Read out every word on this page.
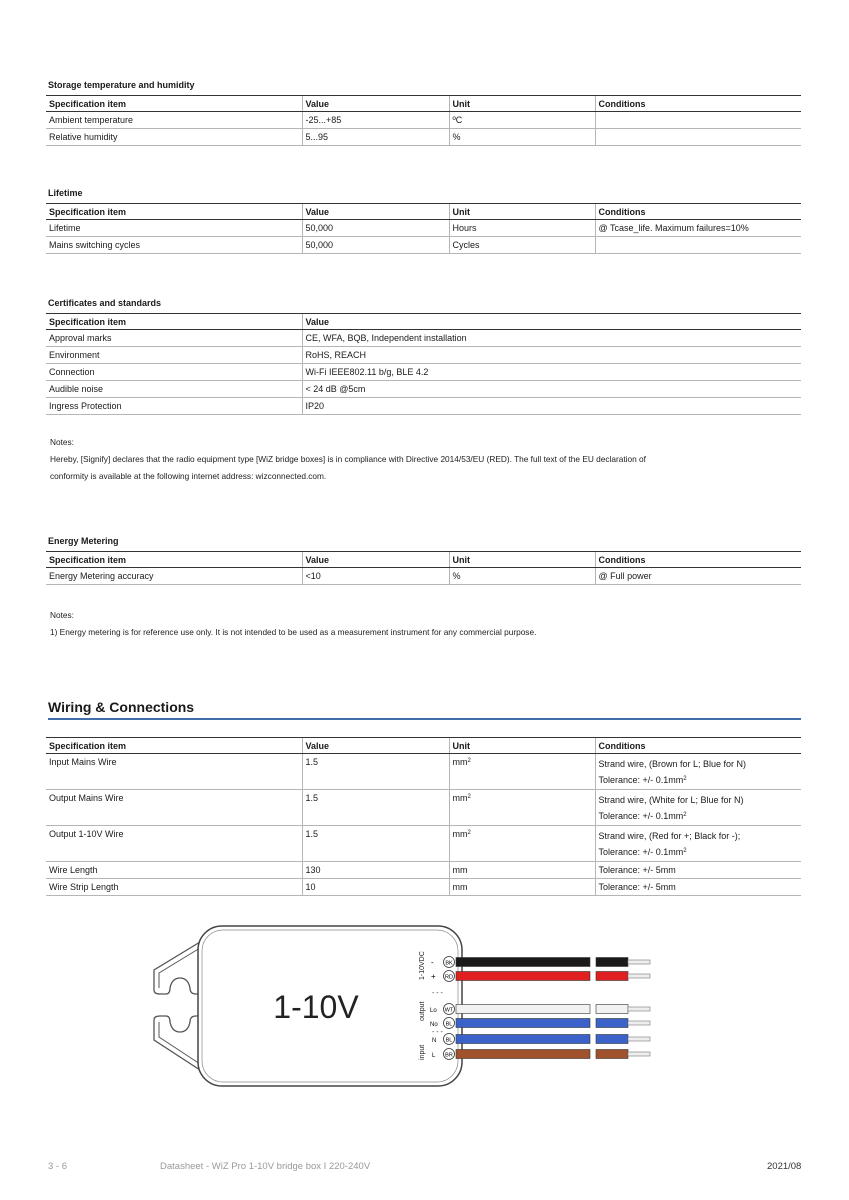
Storage temperature and humidity
Specification item	Value	Unit	Conditions
Ambient temperature	-25...+85	ºC	
Relative humidity	5...95	%	
Lifetime
Specification item	Value	Unit	Conditions
Lifetime	50,000	Hours	@ Tcase_life. Maximum failures=10%
Mains switching cycles	50,000	Cycles	
Certificates and standards
Specification item	Value
Approval marks	CE, WFA, BQB, Independent installation
Environment	RoHS, REACH
Connection	Wi-Fi IEEE802.11 b/g, BLE 4.2
Audible noise	< 24 dB @5cm
Ingress Protection	IP20
Notes:
Hereby, [Signify] declares that the radio equipment type [WiZ bridge boxes] is in compliance with Directive 2014/53/EU (RED). The full text of the EU declaration of
conformity is available at the following internet address: wizconnected.com.
Energy Metering
Specification item	Value	Unit	Conditions
Energy Metering accuracy	<10	%	@ Full power
Notes:
1) Energy metering is for reference use only. It is not intended to be used as a measurement instrument for any commercial purpose.
Wiring & Connections
Specification item	Value	Unit	Conditions
Input Mains Wire	1.5	$mm^2$	Strand wire, (Brown for L; Blue for N)
Tolerance: +/- $0.1mm^2$

Output Mains Wire	1.5	$mm^2$	Strand wire, (White for L; Blue for N)
Tolerance: +/- $0.1mm^2$

Output 1-10V Wire	1.5	$mm^2$	Strand wire, (Red for +; Black for -);
Tolerance: +/- $0.1mm^2$

Wire Length	130	mm	Tolerance: +/- 5mm
Wire Strip Length	10	mm	Tolerance: +/- 5mm
1-10V
1-10VDC
output
input
- - -
- - -
- BK
+ RD
Lo WT
No BL
N BL
L BR
3 - 6	Datasheet - WiZ Pro 1-10V bridge box I 220-240V	2021/08
